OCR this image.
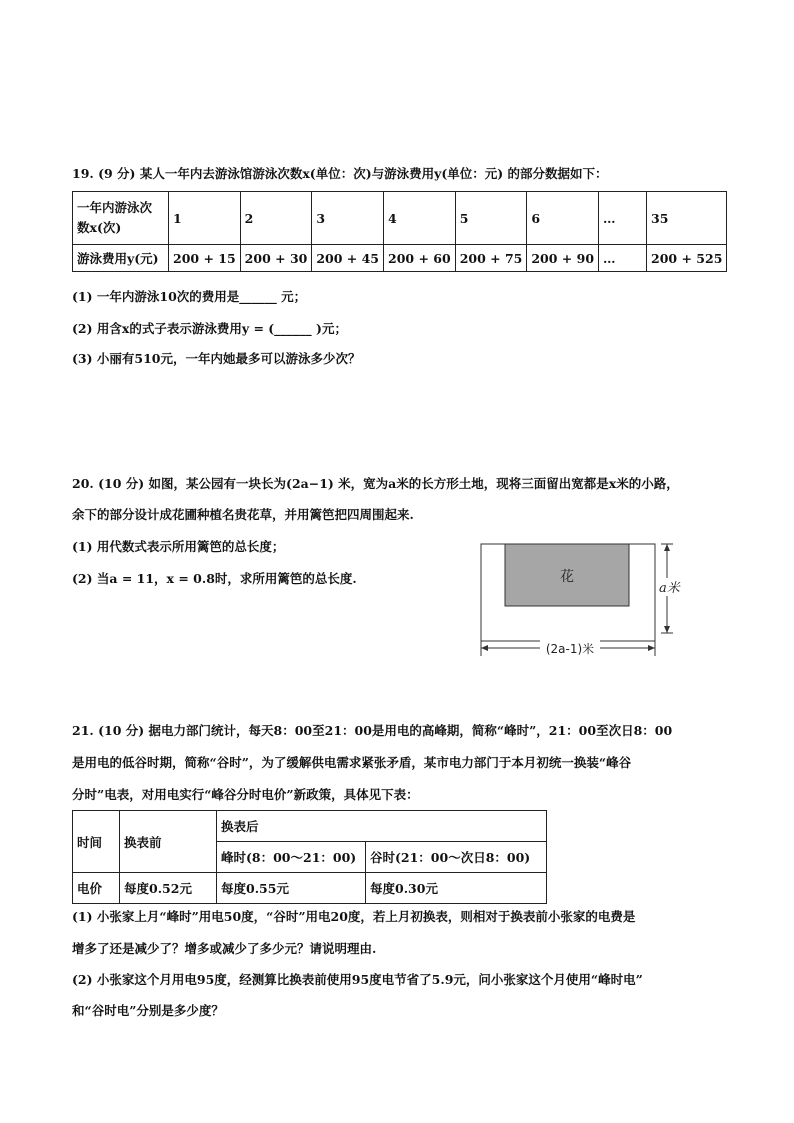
19. (9 分) 某人一年内去游泳馆游泳次数x(单位：次)与游泳费用y(单位：元) 的部分数据如下：
一年内游泳次
数x(次)	1	2	3	4	5	6	…	35
游泳费用y(元)	200 + 15	200 + 30	200 + 45	200 + 60	200 + 75	200 + 90	…	200 + 525
(1) 一年内游泳10次的费用是______ 元；
(2) 用含x的式子表示游泳费用y = (______ )元；
(3) 小丽有510元，一年内她最多可以游泳多少次？
20. (10 分) 如图，某公园有一块长为(2a−1) 米，宽为a米的长方形土地，现将三面留出宽都是x米的小路，
余下的部分设计成花圃种植名贵花草，并用篱笆把四周围起来.
(1) 用代数式表示所用篱笆的总长度；
(2) 当a = 11，x = 0.8时，求所用篱笆的总长度.	花
a米
(2a-1)米
21. (10 分) 据电力部门统计，每天8：00至21：00是用电的高峰期，简称“峰时”，21：00至次日8：00
是用电的低谷时期，简称“谷时”，为了缓解供电需求紧张矛盾，某市电力部门于本月初统一换装“峰谷
分时”电表，对用电实行“峰谷分时电价”新政策，具体见下表：
时间	换表前	换表后	
		峰时(8：00～21：00)	谷时(21：00～次日8：00)
电价	每度0.52元	每度0.55元	每度0.30元
(1) 小张家上月“峰时”用电50度，“谷时”用电20度，若上月初换表，则相对于换表前小张家的电费是
增多了还是减少了？增多或减少了多少元？请说明理由.
(2) 小张家这个月用电95度，经测算比换表前使用95度电节省了5.9元，问小张家这个月使用“峰时电”
和“谷时电”分别是多少度？
